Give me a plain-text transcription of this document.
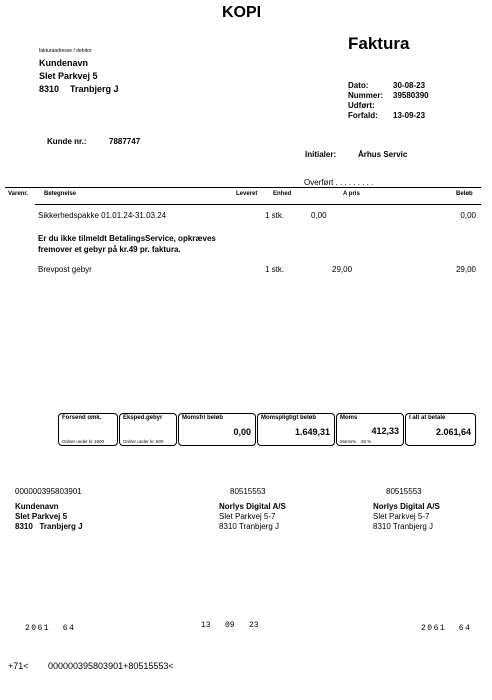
KOPI
Faktura
fakturaadresse / debitor
Kundenavn
Slet Parkvej 5
8310 Tranbjerg J	Dato:	30-08-23
Nummer: 39580390
Udført:
Forfald: 13-09-23
Kunde nr.:	7887747
Initialer:	Århus Servic
Overført . . . . . . . . .
Varenr.	Betegnelse	Leveret	Enhed	A pris	Beløb
Sikkerhedspakke 01.01.24-31.03.24	1 stk.	0,00	0,00
Er du ikke tilmeldt BetalingsService, opkræves
fremover et gebyr på kr.49 pr. faktura.
Brevpost gebyr	1 stk.	29,00	29,00
Forsend omk.
Ordrer under kr 1500
Eksped.gebyr
Ordrer under kr. 500
Momsfri beløb
0,00
Momspligtigt beløb
1.649,31
Moms
412,33
Moms% 25 %
I alt at betale
2.061,64
000000395803901	80515553	80515553
Kundenavn
Slet Parkvej 5
8310   Tranbjerg J
Norlys Digital A/S
Slet Parkvej 5-7
8310 Tranbjerg J
Norlys Digital A/S
Slet Parkvej 5-7
8310 Tranbjerg J
2061  64	13   09   23	2061  64
+71< 000000395803901+80515553<
